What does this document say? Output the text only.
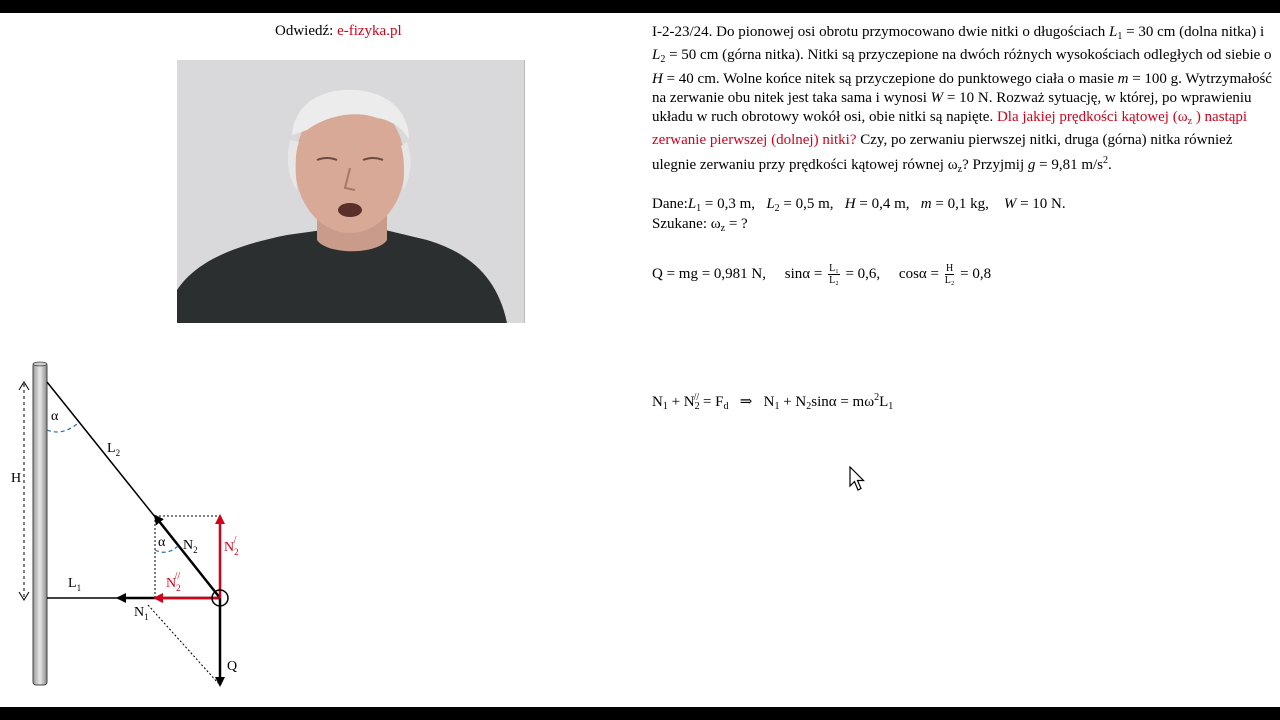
Odwiedź: e-fizyka.pl	I-2-23/24. Do pionowej osi obrotu przymocowano dwie nitki o długościach $L_1 = 30$ cm (dolna nitka) i $L_2 = 50$ cm (górna nitka). Nitki są przyczepione na dwóch różnych wysokościach odległych od siebie o H = 40 cm. Wolne końce nitek są przyczepione do punktowego ciała o masie m = 100 g. Wytrzymałość na zerwanie obu nitek jest taka sama i wynosi W = 10 N. Rozważ sytuację, w której, po wprawieniu układu w ruch obrotowy wokół osi, obie nitki są napięte. Dla jakiej prędkości kątowej ($\omega_z$ ) nastąpi zerwanie pierwszej (dolnej) nitki? Czy, po zerwaniu pierwszej nitki, druga (górna) nitka również ulegnie zerwaniu przy prędkości kątowej równej $\omega_z$? Przyjmij g = 9,81 $m/s^2$.
$Dane:L_1 = 0,3$ m, $L_2 = 0,5$ m, H = 0,4 m, m = 0,1 kg, W = 10 N.
Szukane: $\omega_z$ = ?
Q = mg = 0,981 N, $\sin\alpha = \frac{\text{L₁}}{\text{L₂}} = 0,6$, $\cos\alpha = \frac{H}{\text{L₂}} = 0,8$
$N_1 + N_2^{//} = F_d$ ⇒ $N_1 + N_2\sin\alpha = m\omega^2L_1$
H
α
$L_2$
$L_1$
$N_1$
$N_2$
α
$N_2//$
$N_2/$
Q
